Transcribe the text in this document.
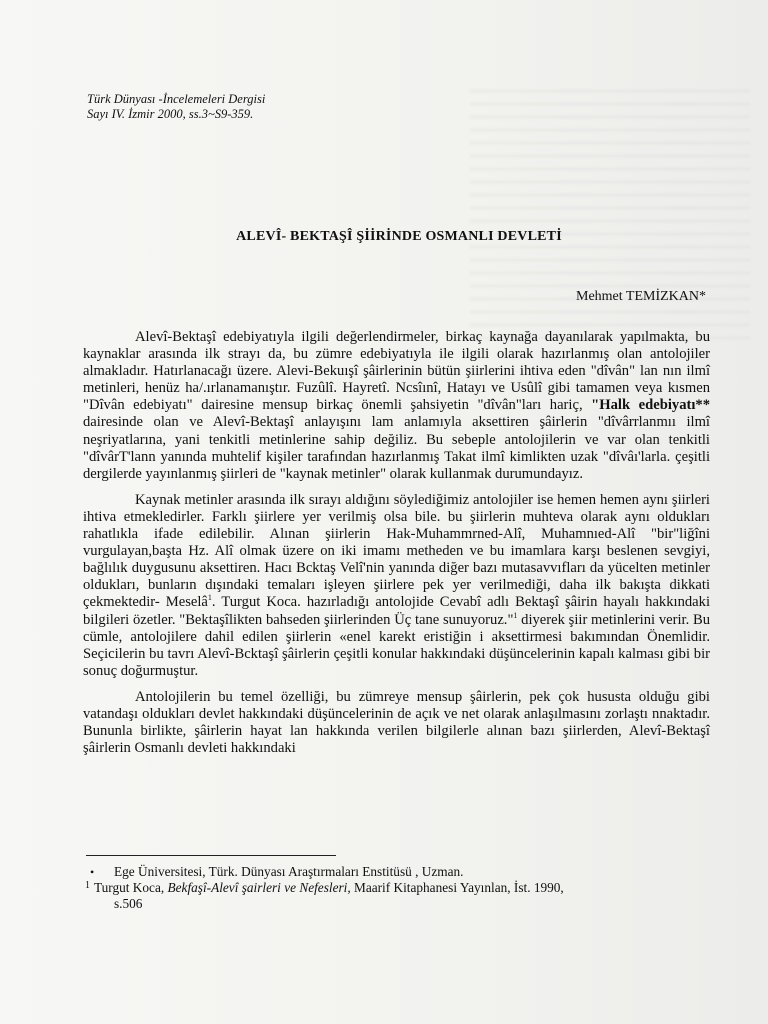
Türk Dünyası -İncelemeleri Dergisi
Sayı IV. İzmir 2000, ss.3~S9-359.
ALEVÎ- BEKTAŞÎ ŞİİRİNDE OSMANLI DEVLETİ
Mehmet TEMİZKAN*

Alevî-Bektaşî edebiyatıyla ilgili değerlendirmeler, birkaç kaynağa dayanılarak yapılmakta, bu kaynaklar arasında ilk strayı da, bu zümre edebiyatıyla ile ilgili olarak hazırlanmış olan antolojiler almakladır. Hatırlanacağı üzere. Alevi-Bekuışî şâirlerinin bütün şiirlerini ihtiva eden "dîvân" lan nın ilmî metinleri, henüz ha/.ırlanamanıştır. Fuzûlî. Hayretî. Ncsîınî, Hatayı ve Usûlî gibi tamamen veya kısmen "Dîvân edebiyatı" dairesine mensup birkaç önemli şahsiyetin "dîvân"ları hariç, "Halk edebiyatı** dairesinde olan ve Alevî-Bektaşî anlayışını lam anlamıyla aksettiren şâirlerin "dîvârrlanmıı ilmî neşriyatlarına, yani tenkitli metinlerine sahip değiliz. Bu sebeple antolojilerin ve var olan tenkitli "dîvârT'lann yanında muhtelif kişiler tarafından hazırlanmış Takat ilmî kimlikten uzak "dîvâı'larla. çeşitli dergilerde yayınlanmış şiirleri de "kaynak metinler" olarak kullanmak durumundayız.

Kaynak metinler arasında ilk sırayı aldığını söylediğimiz antolojiler ise hemen hemen aynı şiirleri ihtiva etmekledirler. Farklı şiirlere yer verilmiş olsa bile. bu şiirlerin muhteva olarak aynı oldukları rahatlıkla ifade edilebilir. Alınan şiirlerin Hak-Muhammrned-Alî, Muhamnıed-Alî "bir"liğîni vurgulayan,başta Hz. Alî olmak üzere on iki imamı metheden ve bu imamlara karşı beslenen sevgiyi, bağlılık duygusunu aksettiren. Hacı Bcktaş Velî'nin yanında diğer bazı mutasavvıfları da yücelten metinler oldukları, bunların dışındaki temaları işleyen şiirlere pek yer verilmediği, daha ilk bakışta dikkati çekmektedir- Meselâ$^1$. Turgut Koca. hazırladığı antolojide Cevabî adlı Bektaşî şâirin hayalı hakkındaki bilgileri özetler. "Bektaşîlikten bahseden şiirlerinden Üç tane sunuyoruz."$^1$ diyerek şiir metinlerini verir. Bu cümle, antolojilere dahil edilen şiirlerin «enel karekt eristiğin i aksettirmesi bakımından Önemlidir. Seçicilerin bu tavrı Alevî-Bcktaşî şâirlerin çeşitli konular hakkındaki düşüncelerinin kapalı kalması gibi bir sonuç doğurmuştur.

Antolojilerin bu temel özelliği, bu zümreye mensup şâirlerin, pek çok hususta olduğu gibi vatandaşı oldukları devlet hakkındaki düşüncelerinin de açık ve net olarak anlaşılmasını zorlaştı nnaktadır. Bununla birlikte, şâirlerin hayat lan hakkında verilen bilgilerle alınan bazı şiirlerden, Alevî-Bektaşî şâirlerin Osmanlı devleti hakkındaki

• Ege Üniversitesi, Türk. Dünyası Araştırmaları Enstitüsü , Uzman.
1 Turgut Koca, Bekfaşî-Alevî şairleri ve Nefesleri, Maarif Kitaphanesi Yayınlan, İst. 1990,
s.506
